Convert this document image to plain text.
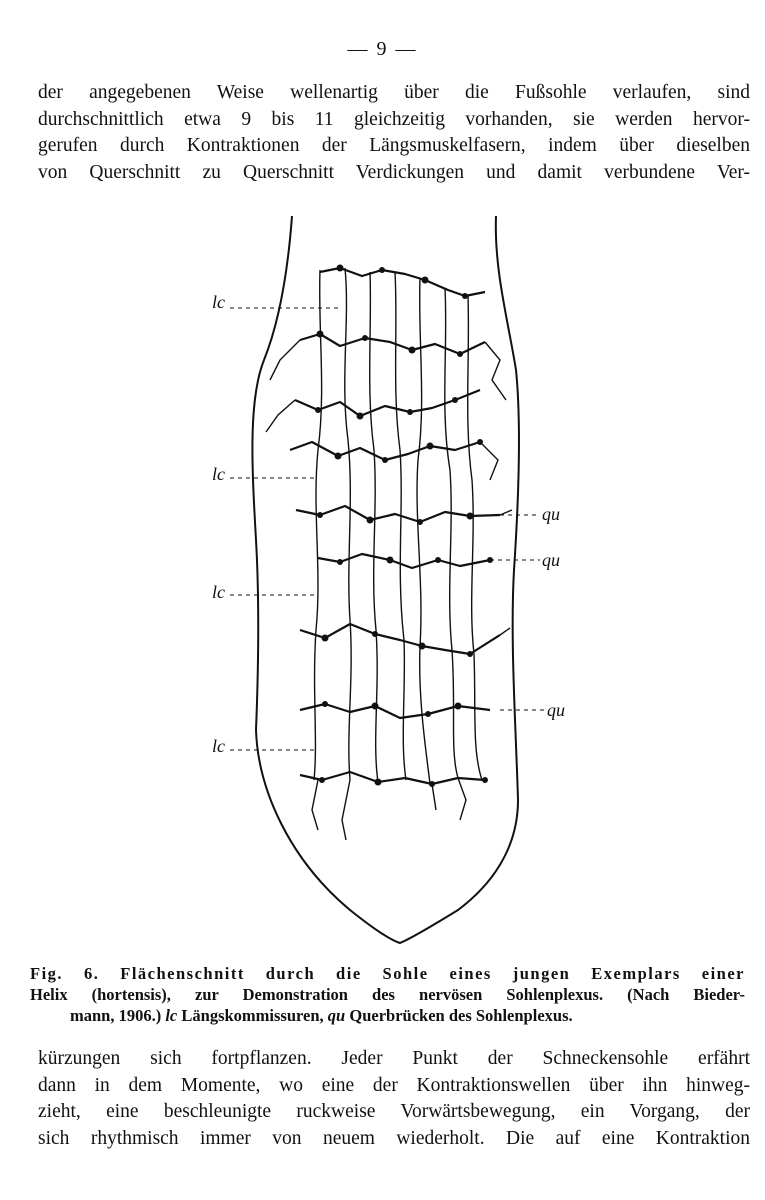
— 9 —
der angegebenen Weise wellenartig über die Fußsohle verlaufen, sind
durchschnittlich etwa 9 bis 11 gleichzeitig vorhanden, sie werden hervor-
gerufen durch Kontraktionen der Längsmuskelfasern, indem über dieselben
von Querschnitt zu Querschnitt Verdickungen und damit verbundene Ver-
lc
lc
lc
lc
qu
qu
qu
Fig. 6. Flächenschnitt durch die Sohle eines jungen Exemplars einer
Helix (hortensis), zur Demonstration des nervösen Sohlenplexus. (Nach Bieder-
mann, 1906.) lc Längskommissuren, qu Querbrücken des Sohlenplexus.
kürzungen sich fortpflanzen. Jeder Punkt der Schneckensohle erfährt
dann in dem Momente, wo eine der Kontraktionswellen über ihn hinweg-
zieht, eine beschleunigte ruckweise Vorwärtsbewegung, ein Vorgang, der
sich rhythmisch immer von neuem wiederholt. Die auf eine Kontraktion
